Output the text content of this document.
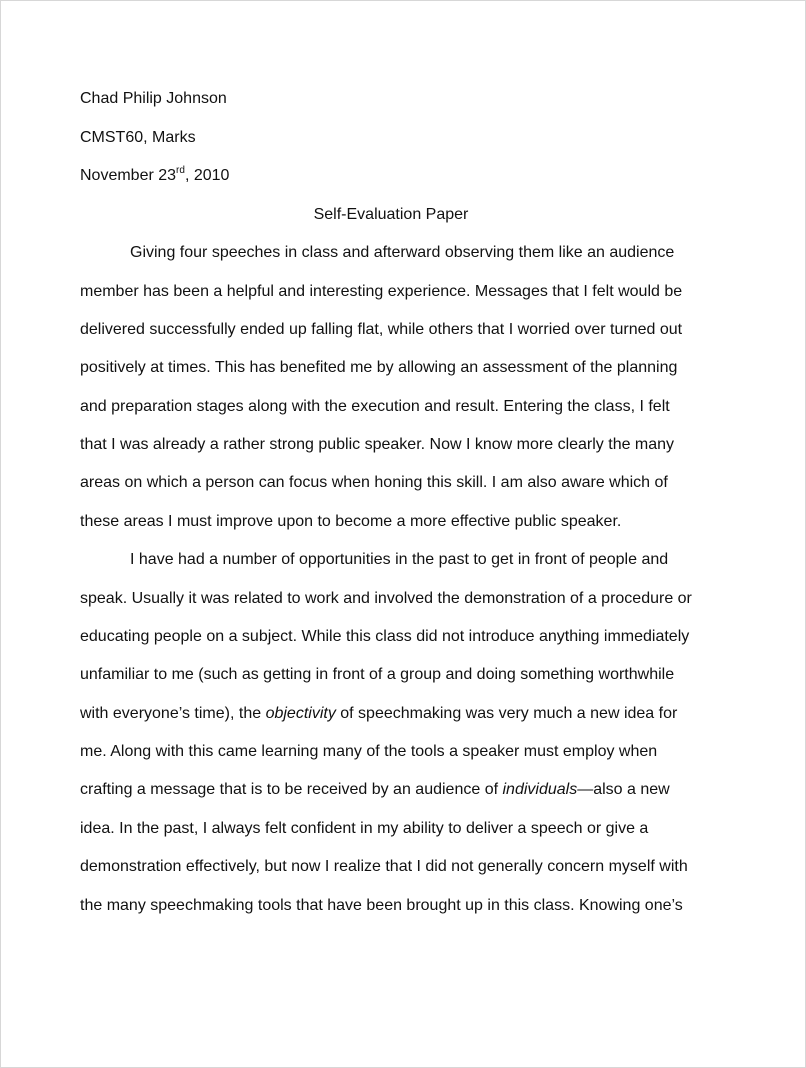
Chad Philip Johnson
CMST60, Marks
November 23rd, 2010
Self-Evaluation Paper
Giving four speeches in class and afterward observing them like an audience
member has been a helpful and interesting experience. Messages that I felt would be
delivered successfully ended up falling flat, while others that I worried over turned out
positively at times. This has benefited me by allowing an assessment of the planning
and preparation stages along with the execution and result. Entering the class, I felt
that I was already a rather strong public speaker. Now I know more clearly the many
areas on which a person can focus when honing this skill. I am also aware which of
these areas I must improve upon to become a more effective public speaker.
I have had a number of opportunities in the past to get in front of people and
speak. Usually it was related to work and involved the demonstration of a procedure or
educating people on a subject. While this class did not introduce anything immediately
unfamiliar to me (such as getting in front of a group and doing something worthwhile
with everyone’s time), the objectivity of speechmaking was very much a new idea for
me. Along with this came learning many of the tools a speaker must employ when
crafting a message that is to be received by an audience of individuals—also a new
idea. In the past, I always felt confident in my ability to deliver a speech or give a
demonstration effectively, but now I realize that I did not generally concern myself with
the many speechmaking tools that have been brought up in this class. Knowing one’s
